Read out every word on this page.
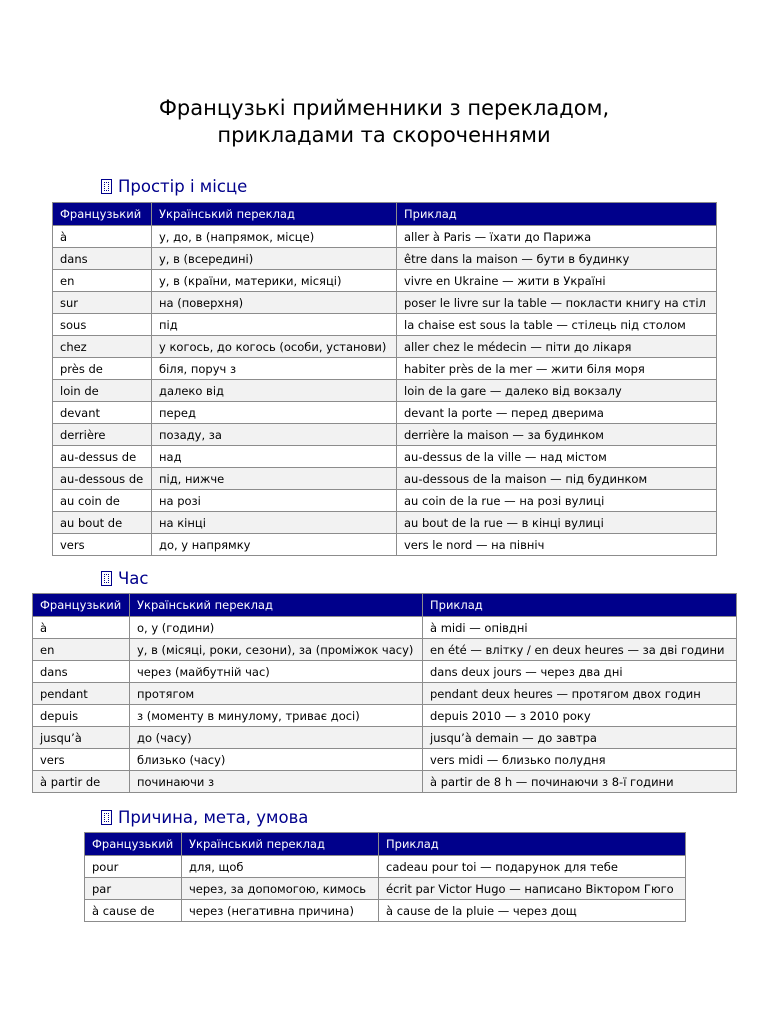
Французькі прийменники з перекладом,
прикладами та скороченнями
Простір і місце
Французький	Український переклад	Приклад
à	у, до, в (напрямок, місце)	aller à Paris — їхати до Парижа
dans	у, в (всередині)	être dans la maison — бути в будинку
en	у, в (країни, материки, місяці)	vivre en Ukraine — жити в Україні
sur	на (поверхня)	poser le livre sur la table — покласти книгу на стіл
sous	під	la chaise est sous la table — стілець під столом
chez	у когось, до когось (особи, установи)	aller chez le médecin — піти до лікаря
près de	біля, поруч з	habiter près de la mer — жити біля моря
loin de	далеко від	loin de la gare — далеко від вокзалу
devant	перед	devant la porte — перед дверима
derrière	позаду, за	derrière la maison — за будинком
au-dessus de	над	au-dessus de la ville — над містом
au-dessous de	під, нижче	au-dessous de la maison — під будинком
au coin de	на розі	au coin de la rue — на розі вулиці
au bout de	на кінці	au bout de la rue — в кінці вулиці
vers	до, у напрямку	vers le nord — на північ
Час
Французький	Український переклад	Приклад
à	о, у (години)	à midi — опівдні
en	у, в (місяці, роки, сезони), за (проміжок часу)	en été — влітку / en deux heures — за дві години
dans	через (майбутній час)	dans deux jours — через два дні
pendant	протягом	pendant deux heures — протягом двох годин
depuis	з (моменту в минулому, триває досі)	depuis 2010 — з 2010 року
jusqu’à	до (часу)	jusqu’à demain — до завтра
vers	близько (часу)	vers midi — близько полудня
à partir de	починаючи з	à partir de 8 h — починаючи з 8-ї години
Причина, мета, умова
Французький	Український переклад	Приклад
pour	для, щоб	cadeau pour toi — подарунок для тебе
par	через, за допомогою, кимось	écrit par Victor Hugo — написано Віктором Гюго
à cause de	через (негативна причина)	à cause de la pluie — через дощ
